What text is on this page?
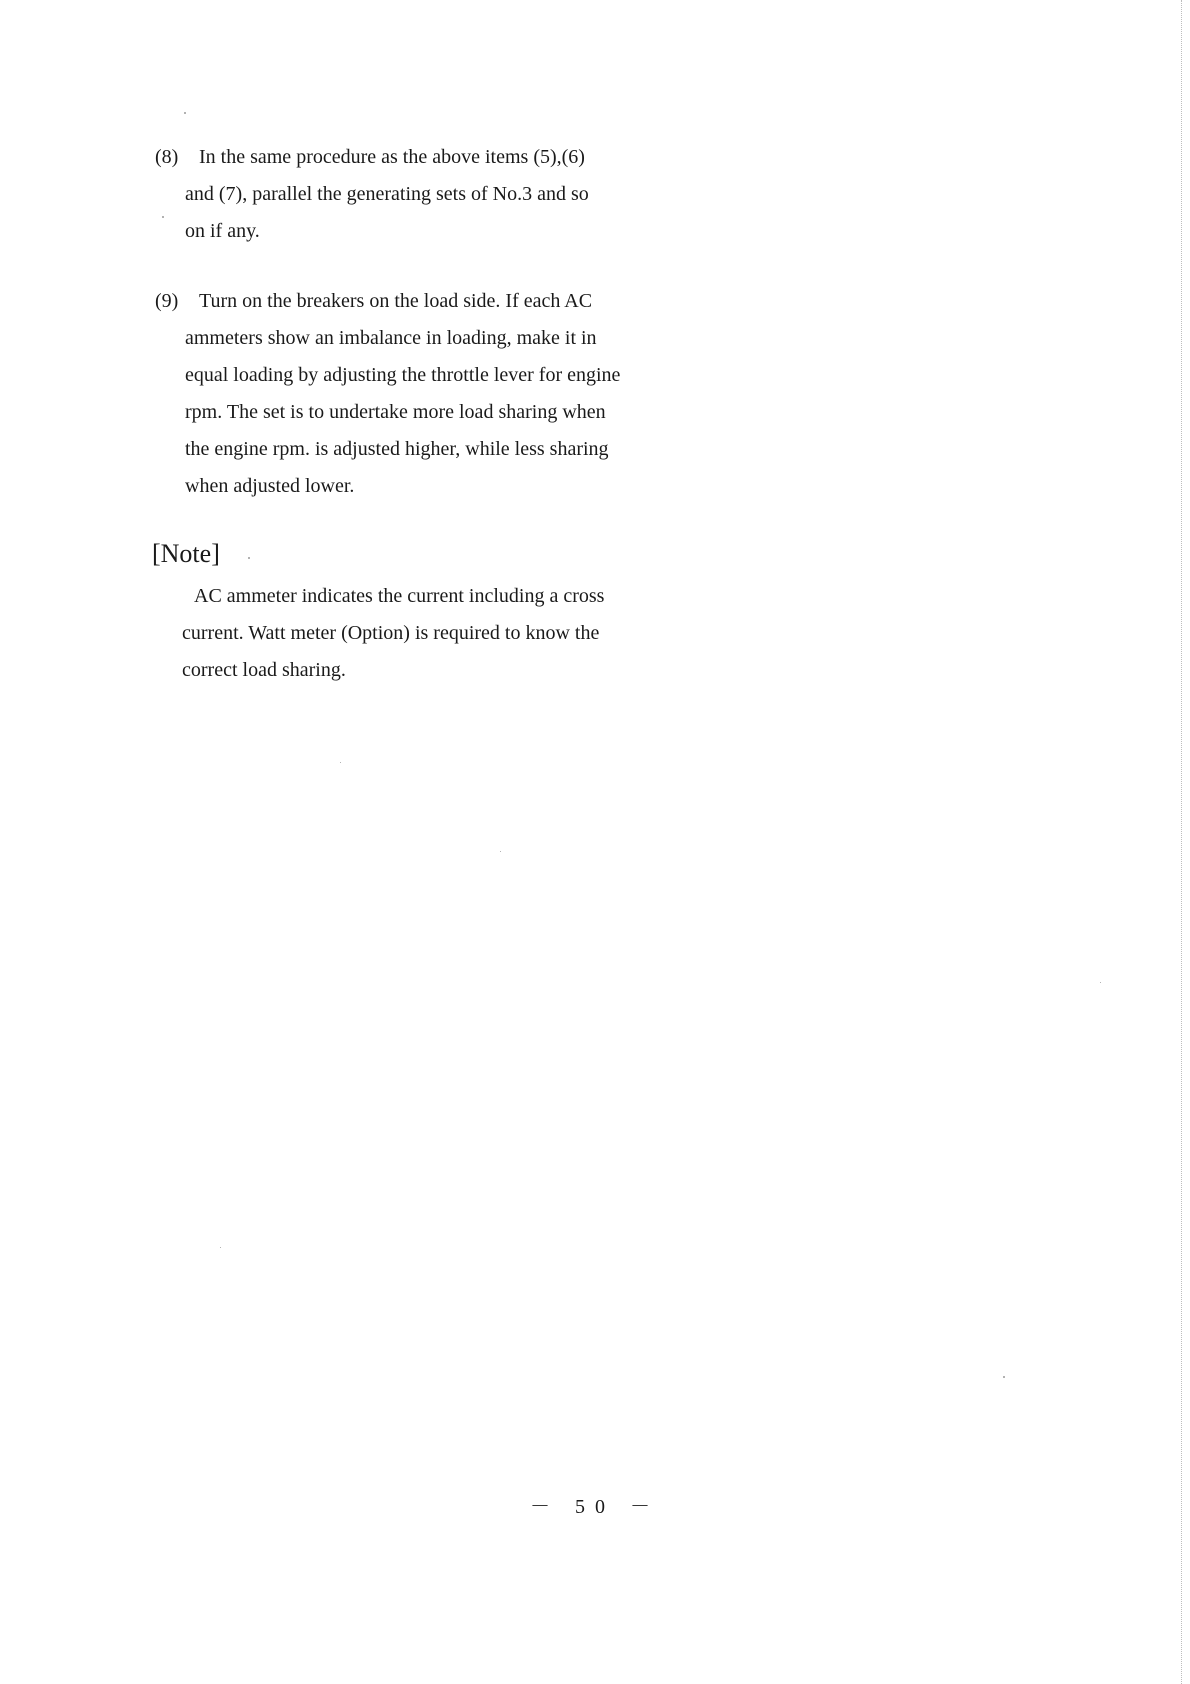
(8) In the same procedure as the above items (5),(6)
and (7), parallel the generating sets of No.3 and so
on if any.
(9) Turn on the breakers on the load side. If each AC
ammeters show an imbalance in loading, make it in
equal loading by adjusting the throttle lever for engine
rpm. The set is to undertake more load sharing when
the engine rpm. is adjusted higher, while less sharing
when adjusted lower.
[Note]
AC ammeter indicates the current including a cross
current. Watt meter (Option) is required to know the
correct load sharing.
－ 50 －
